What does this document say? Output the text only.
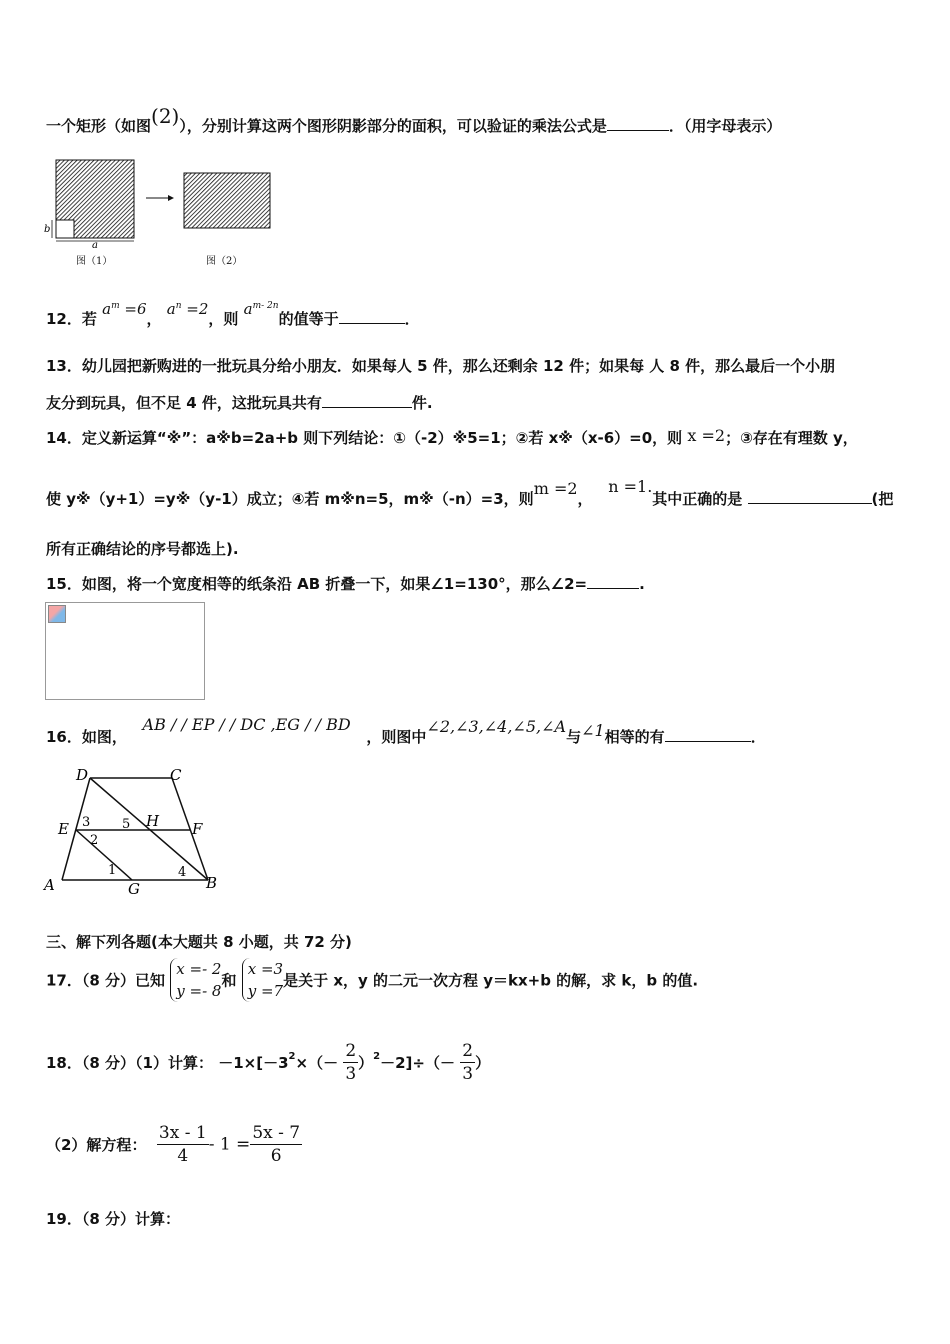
一个矩形（如图(2)），分别计算这两个图形阴影部分的面积，可以验证的乘法公式是	．（用字母表示）
a
b
图（1）	图（2）
12．若 $a^m =6$， $a^n =2$，则 $a^{m- 2n}$的值等于	．
13．幼儿园把新购进的一批玩具分给小朋友．如果每人 5 件，那么还剩余 12 件；如果每 人 8 件，那么最后一个小朋
友分到玩具，但不足 4 件，这批玩具共有	件.
14．定义新运算“※”：a※b=2a+b 则下列结论：①（-2）※5=1；②若 x※（x-6）=0，则 x =2；③存在有理数 y，
使 y※（y+1）=y※（y-1）成立；④若 m※n=5，m※（-n）=3，则m =2，   n =1.其中正确的是	(把
所有正确结论的序号都选上).
15．如图，将一个宽度相等的纸条沿 AB 折叠一下，如果∠1=130°，那么∠2=	.
16．如图，   AB / / EP / / DC ,EG / / BD   ，则图中∠2,∠3,∠4,∠5,∠A与∠1相等的有	．
D	C
E	H F
A	G	B
3
2
5
1	4
三、解下列各题(本大题共 8 小题，共 72 分)
17．（8 分）已知
x =- 2
y =- 8
和
x =3
y =7
是关于 x，y 的二元一次方程 y＝kx+b 的解，求 k，b 的值.
18．（8 分）（1）计算： $-1\times[-3^2\times(- \frac{2}{3} )^2-2]\div(- \frac{2}{3}$ ）
（2）解方程： $\frac{3x - 1}{4} - 1 = \frac{5x - 7}{6}$
19．（8 分）计算：
